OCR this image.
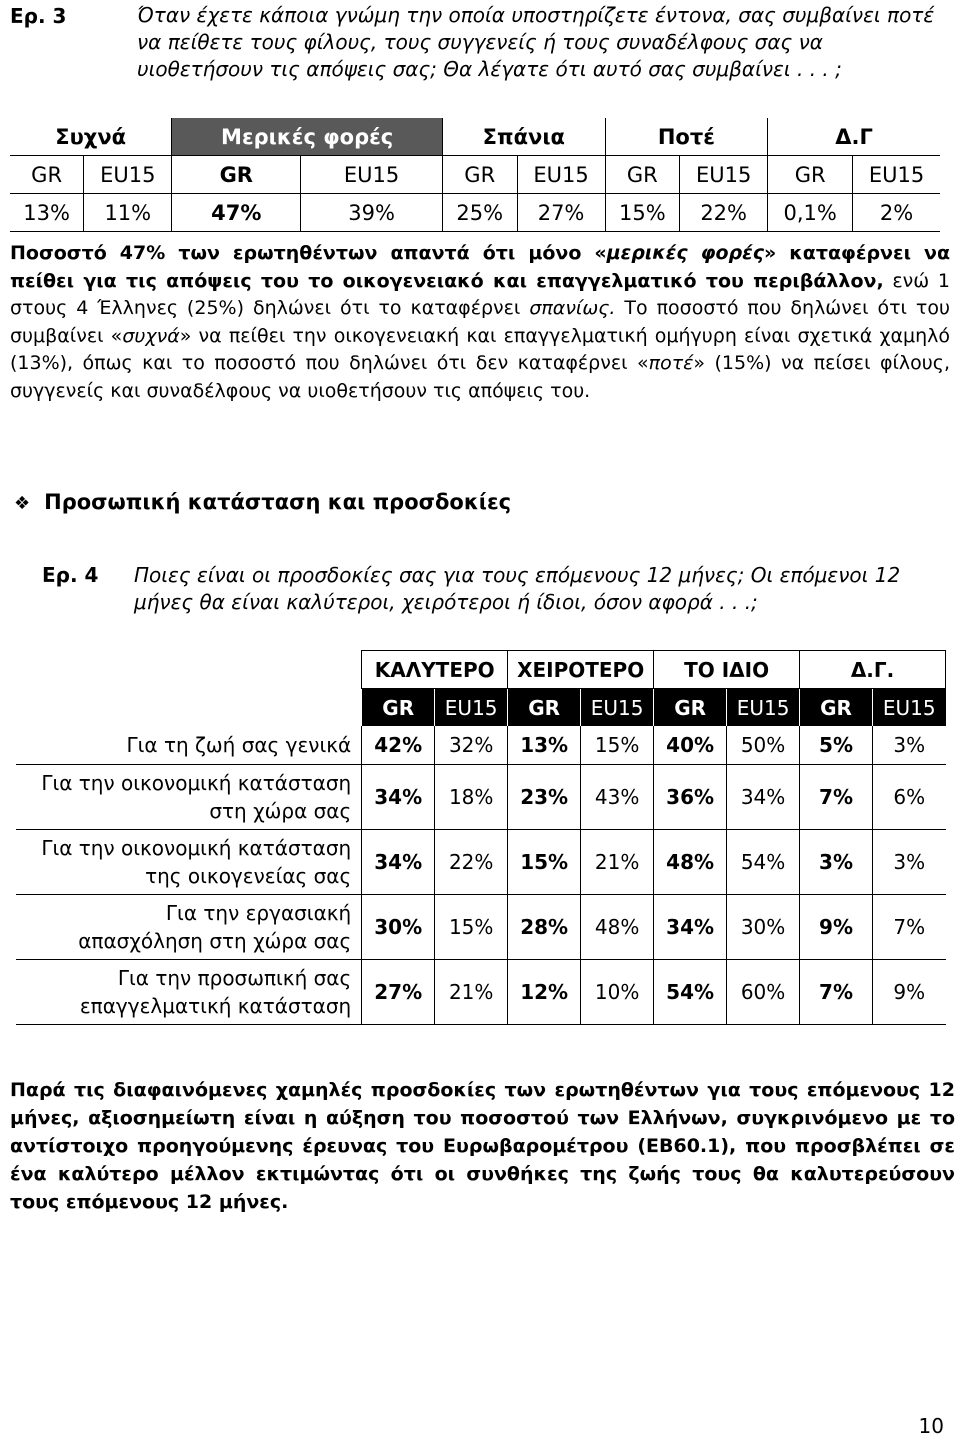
Ερ. 3	Όταν έχετε κάποια γνώμη την οποία υποστηρίζετε έντονα, σας συμβαίνει ποτέ να πείθετε τους φίλους, τους συγγενείς ή τους συναδέλφους σας να υιοθετήσουν τις απόψεις σας; Θα λέγατε ότι αυτό σας συμβαίνει . . . ;
Συχνά		Μερικές φορές		Σπάνια		Ποτέ		Δ.Γ	
GR	EU15	GR	EU15	GR	EU15	GR	EU15	GR	EU15
13%	11%	47%	39%	25%	27%	15%	22%	0,1%	2%
Ποσοστό 47% των ερωτηθέντων απαντά ότι μόνο «μερικές φορές» καταφέρνει να πείθει για τις απόψεις του το οικογενειακό και επαγγελματικό του περιβάλλον, ενώ 1 στους 4 Έλληνες (25%) δηλώνει ότι το καταφέρνει σπανίως. Το ποσοστό που δηλώνει ότι του συμβαίνει «συχνά» να πείθει την οικογενειακή και επαγγελματική ομήγυρη είναι σχετικά χαμηλό (13%), όπως και το ποσοστό που δηλώνει ότι δεν καταφέρνει «ποτέ» (15%) να πείσει φίλους, συγγενείς και συναδέλφους να υιοθετήσουν τις απόψεις του.
❖ Προσωπική κατάσταση και προσδοκίες
Ερ. 4 Ποιες είναι οι προσδοκίες σας για τους επόμενους 12 μήνες; Οι επόμενοι 12 μήνες θα είναι καλύτεροι, χειρότεροι ή ίδιοι, όσον αφορά . . .;
	ΚΑΛΥΤΕΡΟ		ΧΕΙΡΟΤΕΡΟ		ΤΟ ΙΔΙΟ		Δ.Γ.	
	GR	EU15	GR	EU15	GR	EU15	GR	EU15
Για τη ζωή σας γενικά	42%	32%	13%	15%	40%	50%	5%	3%
Για την οικονομική κατάσταση
στη χώρα σας	34%	18%	23%	43%	36%	34%	7%	6%
Για την οικονομική κατάσταση
της οικογενείας σας	34%	22%	15%	21%	48%	54%	3%	3%
Για την εργασιακή
απασχόληση στη χώρα σας	30%	15%	28%	48%	34%	30%	9%	7%
Για την προσωπική σας
επαγγελματική κατάσταση	27%	21%	12%	10%	54%	60%	7%	9%
Παρά τις διαφαινόμενες χαμηλές προσδοκίες των ερωτηθέντων για τους επόμενους 12 μήνες, αξιοσημείωτη είναι η αύξηση του ποσοστού των Ελλήνων, συγκρινόμενο με το αντίστοιχο προηγούμενης έρευνας του Ευρωβαρομέτρου (ΕΒ60.1), που προσβλέπει σε ένα καλύτερο μέλλον εκτιμώντας ότι οι συνθήκες της ζωής τους θα καλυτερεύσουν τους επόμενους 12 μήνες.
10
